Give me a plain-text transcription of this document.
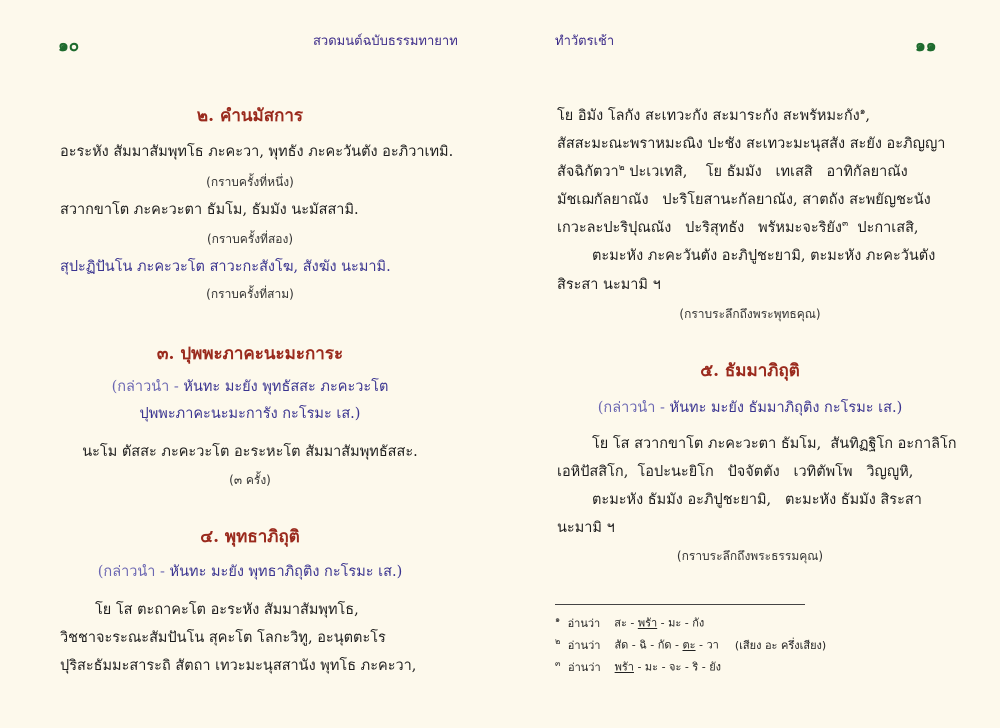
๑๐	สวดมนต์ฉบับธรรมทายาท
๒. คำนมัสการ
อะระหัง สัมมาสัมพุทโธ ภะคะวา, พุทธัง ภะคะวันตัง อะภิวาเทมิ.
(กราบครั้งที่หนึ่ง)
สวากขาโต ภะคะวะตา ธัมโม, ธัมมัง นะมัสสามิ.
(กราบครั้งที่สอง)
สุปะฏิปันโน ภะคะวะโต สาวะกะสังโฆ, สังฆัง นะมามิ.
(กราบครั้งที่สาม)
๓. ปุพพะภาคะนะมะการะ
(กล่าวนำ - หันทะ มะยัง พุทธัสสะ ภะคะวะโต
ปุพพะภาคะนะมะการัง กะโรมะ เส.)
นะโม ตัสสะ ภะคะวะโต อะระหะโต สัมมาสัมพุทธัสสะ.
(๓ ครั้ง)
๔. พุทธาภิถุติ
(กล่าวนำ - หันทะ มะยัง พุทธาภิถุติง กะโรมะ เส.)
โย โส ตะถาคะโต อะระหัง สัมมาสัมพุทโธ,
วิชชาจะระณะสัมปันโน สุคะโต โลกะวิทู, อะนุตตะโร
ปุริสะธัมมะสาระถิ สัตถา เทวะมะนุสสานัง พุทโธ ภะคะวา,
ทำวัตรเช้า	๑๑
โย อิมัง โลกัง สะเทวะกัง สะมาระกัง สะพรัหมะกัง$^๑$,
สัสสะมะณะพราหมะณิง ปะชัง สะเทวะมะนุสสัง สะยัง อะภิญญา
สัจฉิกัตวา$^๒$ ปะเวเทสิ,    โย ธัมมัง   เทเสสิ   อาทิกัลยาณัง
มัชเฌกัลยาณัง   ปะริโยสานะกัลยาณัง, สาตถัง สะพยัญชะนัง
เกวะละปะริปุณณัง   ปะริสุทธัง   พรัหมะจะริยัง$^๓$  ปะกาเสสิ,
ตะมะหัง ภะคะวันตัง อะภิปูชะยามิ, ตะมะหัง ภะคะวันตัง
สิระสา นะมามิ ฯ
(กราบระลึกถึงพระพุทธคุณ)
๕. ธัมมาภิถุติ
(กล่าวนำ - หันทะ มะยัง ธัมมาภิถุติง กะโรมะ เส.)
โย โส สวากขาโต ภะคะวะตา ธัมโม,  สันทิฏฐิโก อะกาลิโก
เอหิปัสสิโก,  โอปะนะยิโก   ปัจจัตตัง   เวทิตัพโพ   วิญญูหิ,
ตะมะหัง ธัมมัง อะภิปูชะยามิ,   ตะมะหัง ธัมมัง สิระสา
นะมามิ ฯ
(กราบระลึกถึงพระธรรมคุณ)
$^๑$ อ่านว่า สะ - พรัา - มะ - กัง
$^๒$ อ่านว่า สัด - ฉิ - กัด - ตะ - วา (เสียง อะ ครึ่งเสียง)
$^๓$ อ่านว่า พรัา - มะ - จะ - ริ - ยัง
